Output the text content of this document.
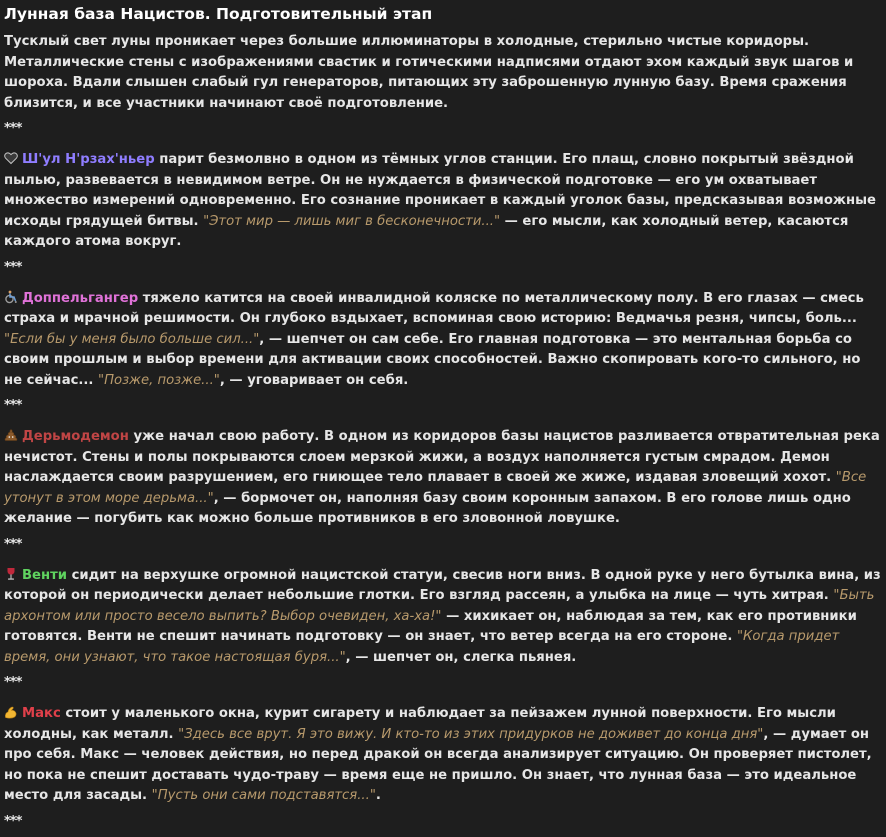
Лунная база Нацистов. Подготовительный этап

Тусклый свет луны проникает через большие иллюминаторы в холодные, стерильно чистые коридоры. Металлические стены с изображениями свастик и готическими надписями отдают эхом каждый звук шагов и шороха. Вдали слышен слабый гул генераторов, питающих эту заброшенную лунную базу. Время сражения близится, и все участники начинают своё подготовление.

***

Ш'ул Н'рзах'ньер парит безмолвно в одном из тёмных углов станции. Его плащ, словно покрытый звёздной пылью, развевается в невидимом ветре. Он не нуждается в физической подготовке — его ум охватывает множество измерений одновременно. Его сознание проникает в каждый уголок базы, предсказывая возможные исходы грядущей битвы. "Этот мир — лишь миг в бесконечности..." — его мысли, как холодный ветер, касаются каждого атома вокруг.

***

Доппельгангер тяжело катится на своей инвалидной коляске по металлическому полу. В его глазах — смесь страха и мрачной решимости. Он глубоко вздыхает, вспоминая свою историю: Ведмачья резня, чипсы, боль... "Если бы у меня было больше сил...", — шепчет он сам себе. Его главная подготовка — это ментальная борьба со своим прошлым и выбор времени для активации своих способностей. Важно скопировать кого-то сильного, но не сейчас... "Позже, позже...", — уговаривает он себя.

***

Дерьмодемон уже начал свою работу. В одном из коридоров базы нацистов разливается отвратительная река нечистот. Стены и полы покрываются слоем мерзкой жижи, а воздух наполняется густым смрадом. Демон наслаждается своим разрушением, его гниющее тело плавает в своей же жиже, издавая зловещий хохот. "Все утонут в этом море дерьма...", — бормочет он, наполняя базу своим коронным запахом. В его голове лишь одно желание — погубить как можно больше противников в его зловонной ловушке.

***

Венти сидит на верхушке огромной нацистской статуи, свесив ноги вниз. В одной руке у него бутылка вина, из которой он периодически делает небольшие глотки. Его взгляд рассеян, а улыбка на лице — чуть хитрая. "Быть архонтом или просто весело выпить? Выбор очевиден, ха-ха!" — хихикает он, наблюдая за тем, как его противники готовятся. Венти не спешит начинать подготовку — он знает, что ветер всегда на его стороне. "Когда придет время, они узнают, что такое настоящая буря...", — шепчет он, слегка пьянея.

***

Макс стоит у маленького окна, курит сигарету и наблюдает за пейзажем лунной поверхности. Его мысли холодны, как металл. "Здесь все врут. Я это вижу. И кто-то из этих придурков не доживет до конца дня", — думает он про себя. Макс — человек действия, но перед дракой он всегда анализирует ситуацию. Он проверяет пистолет, но пока не спешит доставать чудо-траву — время еще не пришло. Он знает, что лунная база — это идеальное место для засады. "Пусть они сами подставятся...".

***
